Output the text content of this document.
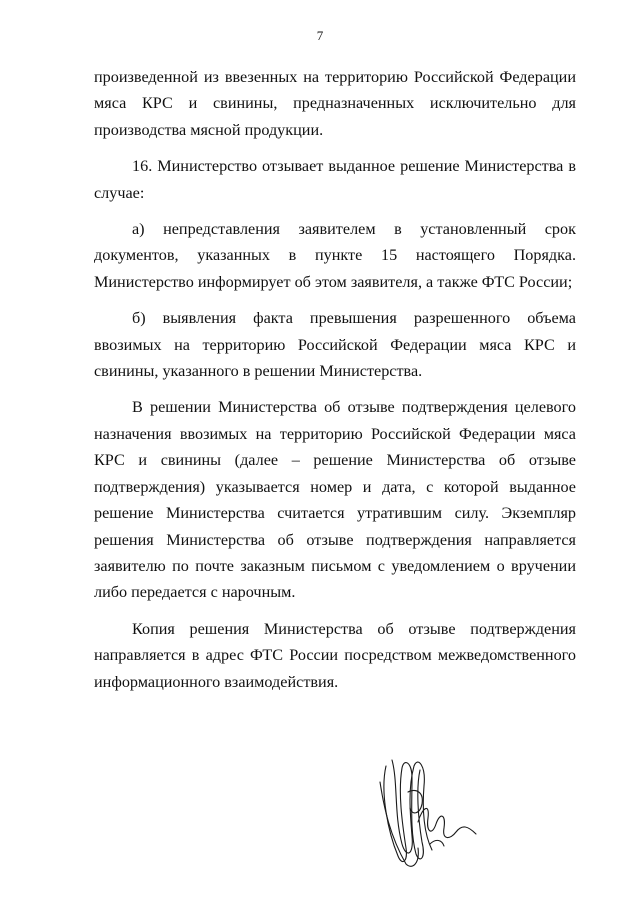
7

произведенной из ввезенных на территорию Российской Федерации мяса КРС и свинины, предназначенных исключительно для производства мясной продукции.

16. Министерство отзывает выданное решение Министерства в случае:

а) непредставления заявителем в установленный срок документов, указанных в пункте 15 настоящего Порядка. Министерство информирует об этом заявителя, а также ФТС России;

б) выявления факта превышения разрешенного объема ввозимых на территорию Российской Федерации мяса КРС и свинины, указанного в решении Министерства.

В решении Министерства об отзыве подтверждения целевого назначения ввозимых на территорию Российской Федерации мяса КРС и свинины (далее – решение Министерства об отзыве подтверждения) указывается номер и дата, с которой выданное решение Министерства считается утратившим силу. Экземпляр решения Министерства об отзыве подтверждения направляется заявителю по почте заказным письмом с уведомлением о вручении либо передается с нарочным.

Копия решения Министерства об отзыве подтверждения направляется в адрес ФТС России посредством межведомственного информационного взаимодействия.
